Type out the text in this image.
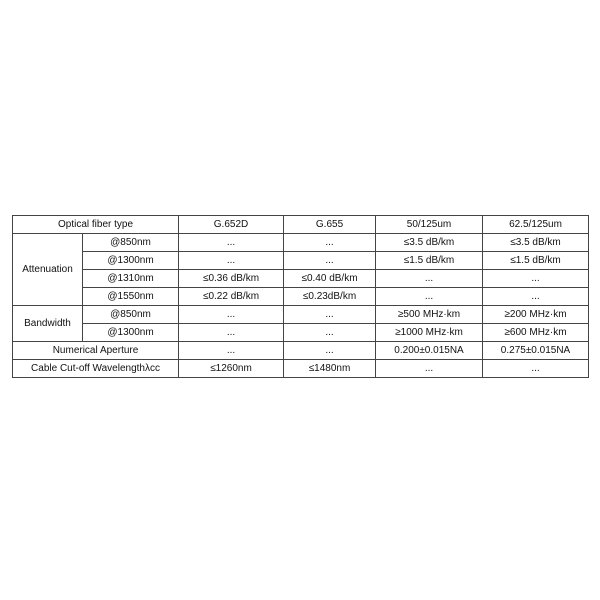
Optical fiber type		G.652D	G.655	50/125um	62.5/125um
Attenuation	@850nm	...	...	≤3.5 dB/km	≤3.5 dB/km
	@1300nm	...	...	≤1.5 dB/km	≤1.5 dB/km
	@1310nm	≤0.36 dB/km	≤0.40 dB/km	...	...
	@1550nm	≤0.22 dB/km	≤0.23dB/km	...	...
Bandwidth	@850nm	...	...	≥500 MHz·km	≥200 MHz·km
	@1300nm	...	...	≥1000 MHz·km	≥600 MHz·km
Numerical Aperture		...	...	0.200±0.015NA	0.275±0.015NA
Cable Cut-off Wavelengthλcc		≤1260nm	≤1480nm	...	...
